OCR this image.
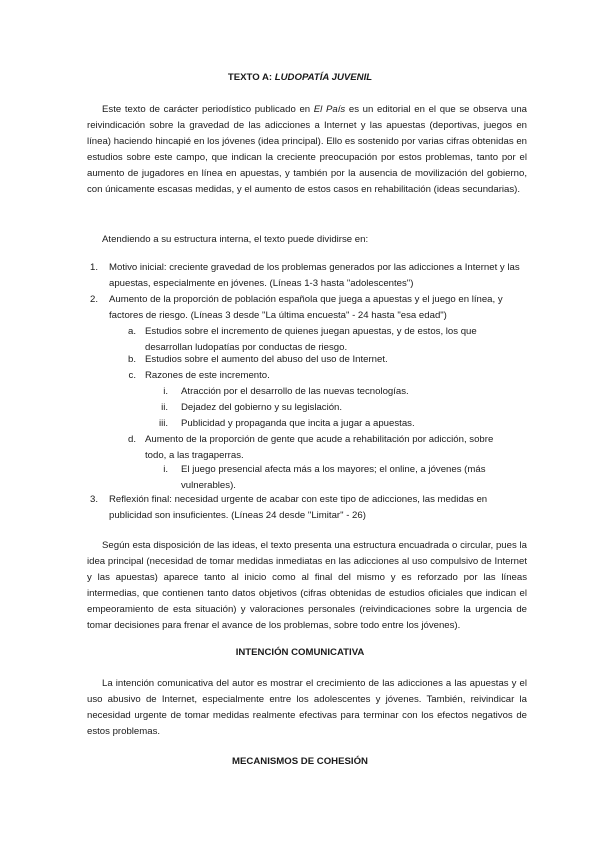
TEXTO A: LUDOPATÍA JUVENIL
Este texto de carácter periodístico publicado en El País es un editorial en el que se observa una reivindicación sobre la gravedad de las adicciones a Internet y las apuestas (deportivas, juegos en línea) haciendo hincapié en los jóvenes (idea principal). Ello es sostenido por varias cifras obtenidas en estudios sobre este campo, que indican la creciente preocupación por estos problemas, tanto por el aumento de jugadores en línea en apuestas, y también por la ausencia de movilización del gobierno, con únicamente escasas medidas, y el aumento de estos casos en rehabilitación (ideas secundarias).
Atendiendo a su estructura interna, el texto puede dividirse en:
1. Motivo inicial: creciente gravedad de los problemas generados por las adicciones a Internet y las apuestas, especialmente en jóvenes. (Líneas 1-3 hasta "adolescentes")
2. Aumento de la proporción de población española que juega a apuestas y el juego en línea, y factores de riesgo. (Líneas 3 desde "La última encuesta" - 24 hasta "esa edad")
a. Estudios sobre el incremento de quienes juegan apuestas, y de estos, los que desarrollan ludopatías por conductas de riesgo.
b. Estudios sobre el aumento del abuso del uso de Internet.
c. Razones de este incremento.
i. Atracción por el desarrollo de las nuevas tecnologías.
ii. Dejadez del gobierno y su legislación.
iii. Publicidad y propaganda que incita a jugar a apuestas.
d. Aumento de la proporción de gente que acude a rehabilitación por adicción, sobre todo, a las tragaperras.
i. El juego presencial afecta más a los mayores; el online, a jóvenes (más vulnerables).
3. Reflexión final: necesidad urgente de acabar con este tipo de adicciones, las medidas en publicidad son insuficientes. (Líneas 24 desde "Limitar" - 26)
Según esta disposición de las ideas, el texto presenta una estructura encuadrada o circular, pues la idea principal (necesidad de tomar medidas inmediatas en las adicciones al uso compulsivo de Internet y las apuestas) aparece tanto al inicio como al final del mismo y es reforzado por las líneas intermedias, que contienen tanto datos objetivos (cifras obtenidas de estudios oficiales que indican el empeoramiento de esta situación) y valoraciones personales (reivindicaciones sobre la urgencia de tomar decisiones para frenar el avance de los problemas, sobre todo entre los jóvenes).
INTENCIÓN COMUNICATIVA
La intención comunicativa del autor es mostrar el crecimiento de las adicciones a las apuestas y el uso abusivo de Internet, especialmente entre los adolescentes y jóvenes. También, reivindicar la necesidad urgente de tomar medidas realmente efectivas para terminar con los efectos negativos de estos problemas.
MECANISMOS DE COHESIÓN
